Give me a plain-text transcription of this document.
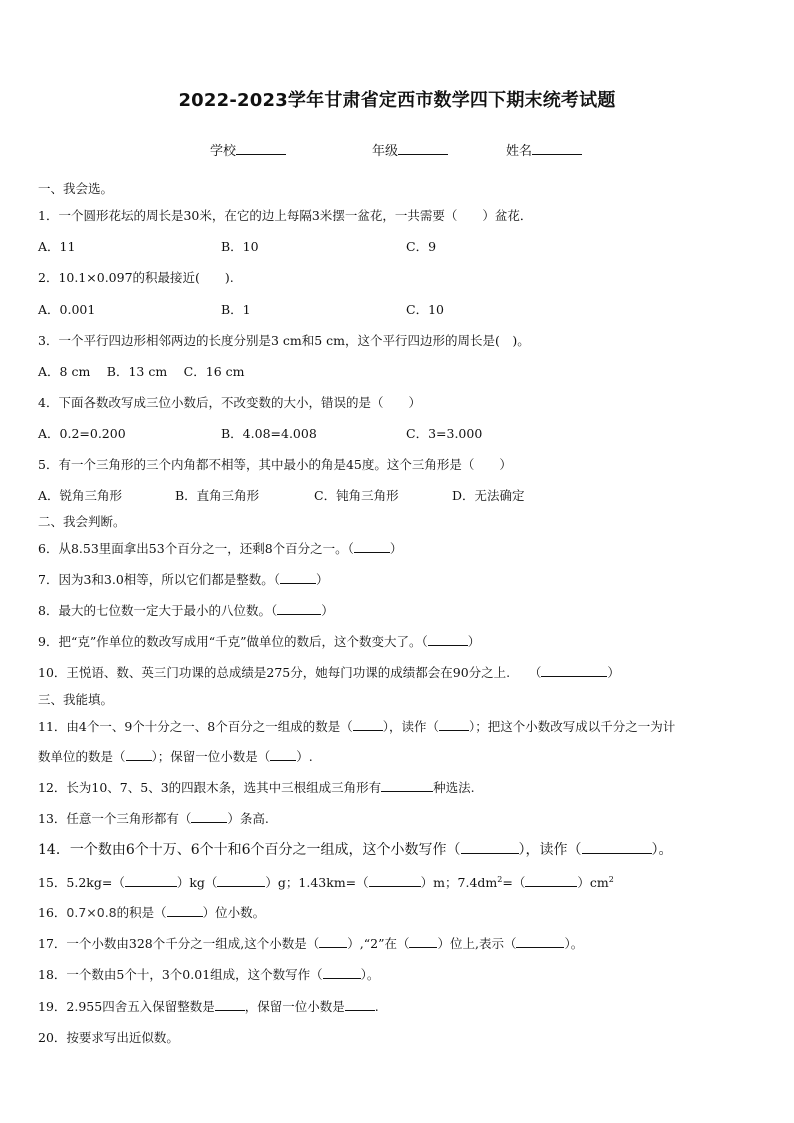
2022-2023学年甘肃省定西市数学四下期末统考试题
学校	年级	姓名
一、我会选。
1．一个圆形花坛的周长是30米，在它的边上每隔3米摆一盆花，一共需要（　　）盆花．
A．11	B．10	C．9
2．10.1×0.097的积最接近(　　).
A．0.001	B．1	C．10
3．一个平行四边形相邻两边的长度分别是3 cm和5 cm，这个平行四边形的周长是(　)。
A．8 cm　 B．13 cm　 C．16 cm
4．下面各数改写成三位小数后，不改变数的大小，错误的是（　　）
A．0.2=0.200	B．4.08=4.008	C．3=3.000
5．有一个三角形的三个内角都不相等，其中最小的角是45度。这个三角形是（　　）
A．锐角三角形	B．直角三角形	C．钝角三角形	D．无法确定
二、我会判断。
6．从8.53里面拿出53个百分之一，还剩8个百分之一。（	）
7．因为3和3.0相等，所以它们都是整数。（	）
8．最大的七位数一定大于最小的八位数。（	）
9．把“克”作单位的数改写成用“千克”做单位的数后，这个数变大了。（	）
10．王悦语、数、英三门功课的总成绩是275分，她每门功课的成绩都会在90分之上.　　（	）
三、我能填。
11．由4个一、9个十分之一、8个百分之一组成的数是（ ），读作（ ）；把这个小数改写成以千分之一为计
数单位的数是（ ）；保留一位小数是（ ）.
12．长为10、7、5、3的四跟木条，选其中三根组成三角形有	种选法.
13．任意一个三角形都有（	）条高.
14．一个数由6个十万、6个十和6个百分之一组成，这个小数写作（	），读作（	）。
15．5.2kg=（	）kg（	）g；1.43km=（	）m；$7.4dm^2=$（	）$cm^2$
16．0.7×0.8的积是（	）位小数。
17．一个小数由328个千分之一组成,这个小数是（ ）,“2”在（ ）位上,表示（	）。
18．一个数由5个十，3个0.01组成，这个数写作（	）。
19．2.955四舍五入保留整数是 ，保留一位小数是 .
20．按要求写出近似数。
